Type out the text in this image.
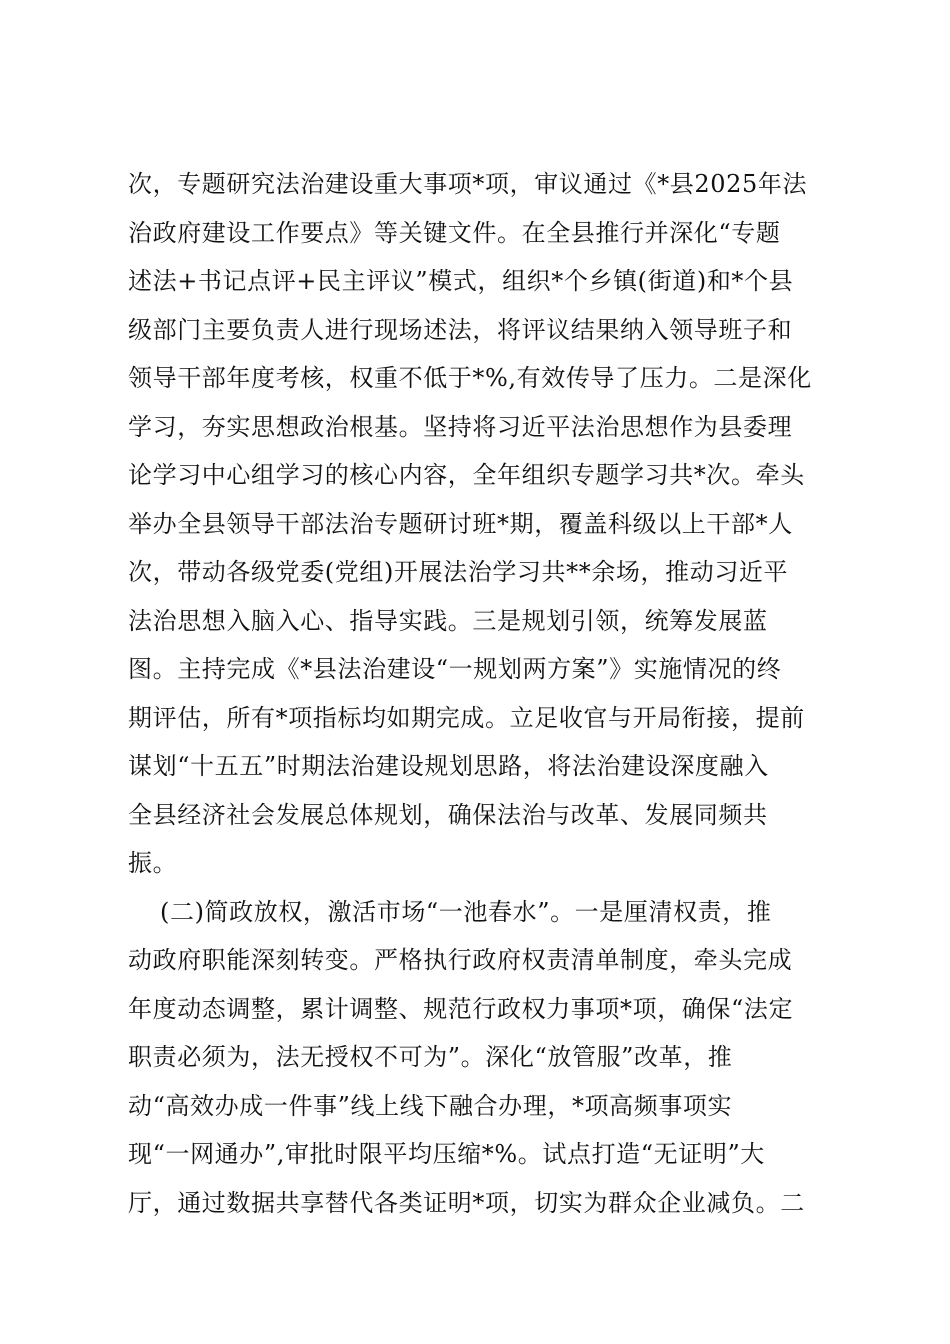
次，专题研究法治建设重大事项*项，审议通过《*县2025年法
治政府建设工作要点》等关键文件。在全县推行并深化“专题
述法+书记点评+民主评议”模式，组织*个乡镇(街道)和*个县
级部门主要负责人进行现场述法，将评议结果纳入领导班子和
领导干部年度考核，权重不低于*%,有效传导了压力。二是深化
学习，夯实思想政治根基。坚持将习近平法治思想作为县委理
论学习中心组学习的核心内容，全年组织专题学习共*次。牵头
举办全县领导干部法治专题研讨班*期，覆盖科级以上干部*人
次，带动各级党委(党组)开展法治学习共**余场，推动习近平
法治思想入脑入心、指导实践。三是规划引领，统筹发展蓝
图。主持完成《*县法治建设“一规划两方案”》实施情况的终
期评估，所有*项指标均如期完成。立足收官与开局衔接，提前
谋划“十五五”时期法治建设规划思路，将法治建设深度融入
全县经济社会发展总体规划，确保法治与改革、发展同频共
振。
(二)简政放权，激活市场“一池春水”。一是厘清权责，推
动政府职能深刻转变。严格执行政府权责清单制度，牵头完成
年度动态调整，累计调整、规范行政权力事项*项，确保“法定
职责必须为，法无授权不可为”。深化“放管服”改革，推
动“高效办成一件事”线上线下融合办理，*项高频事项实
现“一网通办”,审批时限平均压缩*%。试点打造“无证明”大
厅，通过数据共享替代各类证明*项，切实为群众企业减负。二
